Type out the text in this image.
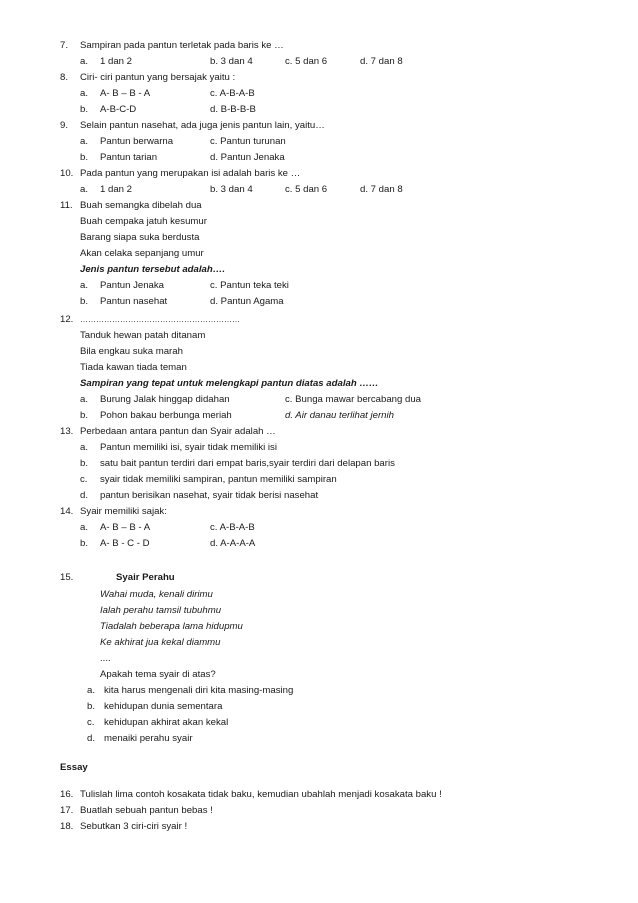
7. Sampiran pada pantun terletak pada baris ke …
a. 1 dan 2	b. 3 dan 4	c. 5 dan 6	d. 7 dan 8
8. Ciri- ciri pantun yang bersajak yaitu :
a. A- B – B - A	c. A-B-A-B
b. A-B-C-D	d. B-B-B-B
9. Selain pantun nasehat, ada juga jenis pantun lain, yaitu…
a. Pantun berwarna	c. Pantun turunan
b. Pantun tarian	d. Pantun Jenaka
10. Pada pantun yang merupakan isi adalah baris ke …
a. 1 dan 2	b. 3 dan 4	c. 5 dan 6	d. 7 dan 8
11. Buah semangka dibelah dua
Buah cempaka jatuh kesumur
Barang siapa suka berdusta
Akan celaka sepanjang umur
Jenis pantun tersebut adalah….
a. Pantun Jenaka	c. Pantun teka teki
b. Pantun nasehat	d. Pantun Agama
12. ……………………………………………………
Tanduk hewan patah ditanam
Bila engkau suka marah
Tiada kawan tiada teman
Sampiran yang tepat untuk melengkapi pantun diatas adalah ……
a. Burung Jalak hinggap didahan	c. Bunga mawar bercabang dua
b. Pohon bakau berbunga meriah	d. Air danau terlihat jernih
13. Perbedaan antara pantun dan Syair adalah …
a. Pantun memiliki isi, syair tidak memiliki isi
b. satu bait pantun terdiri dari empat baris,syair terdiri dari delapan baris
c. syair tidak memiliki sampiran, pantun memiliki sampiran
d. pantun berisikan nasehat, syair tidak berisi nasehat
14. Syair memiliki sajak:
a. A- B – B - A	c. A-B-A-B
b. A- B - C - D	d. A-A-A-A
15.	Syair Perahu
Wahai muda, kenali dirimu
Ialah perahu tamsil tubuhmu
Tiadalah beberapa lama hidupmu
Ke akhirat jua kekal diammu
....
Apakah tema syair di atas?
a. kita harus mengenali diri kita masing-masing
b. kehidupan dunia sementara
c. kehidupan akhirat akan kekal
d. menaiki perahu syair
Essay
16. Tulislah lima contoh kosakata tidak baku, kemudian ubahlah menjadi kosakata baku !
17. Buatlah sebuah pantun bebas !
18. Sebutkan 3 ciri-ciri syair !
